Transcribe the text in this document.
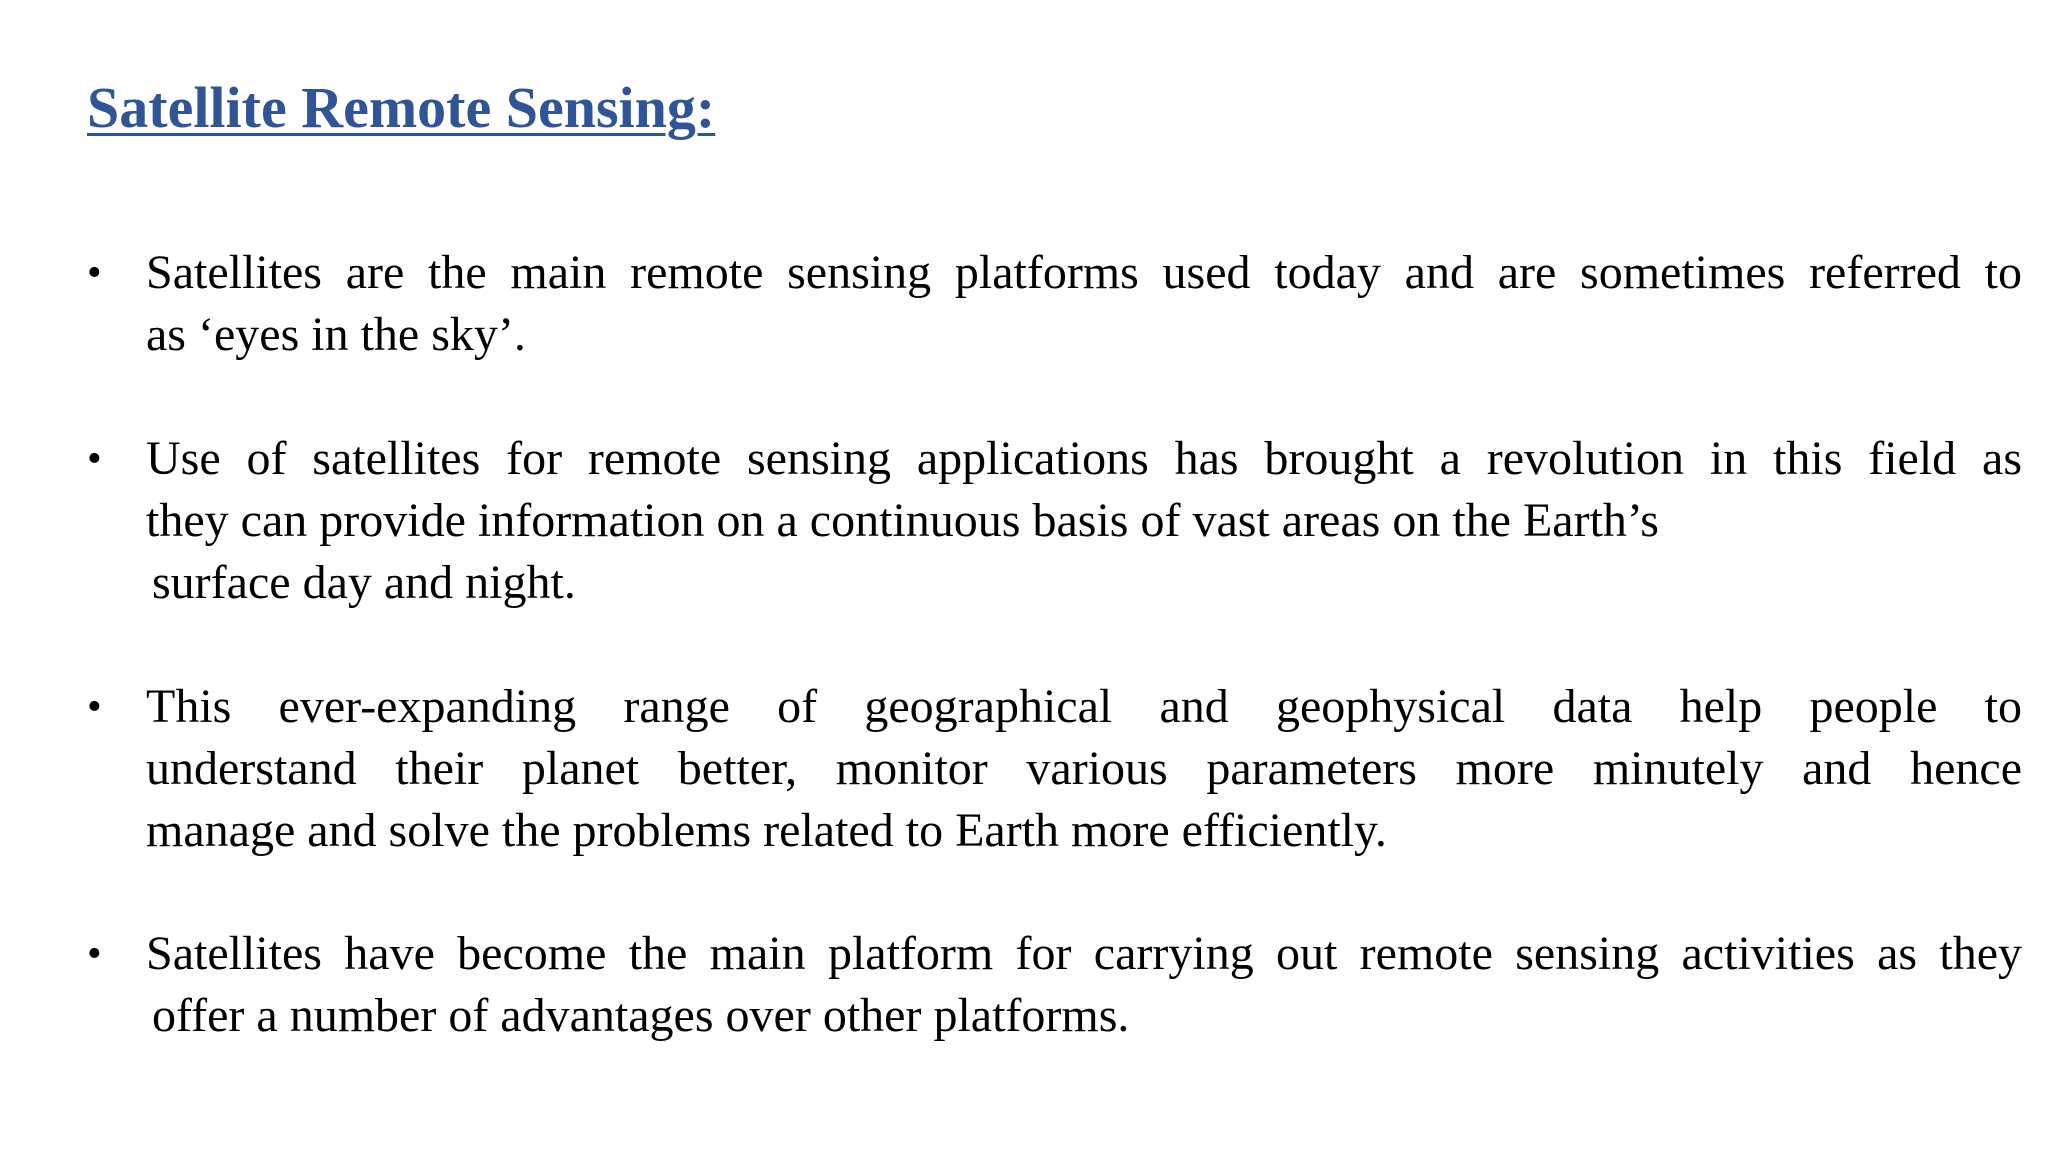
Satellite Remote Sensing:
• Satellites are the main remote sensing platforms used today and are sometimes referred to
as ‘eyes in the sky’.
• Use of satellites for remote sensing applications has brought a revolution in this field as
they can provide information on a continuous basis of vast areas on the Earth’s
surface day and night.
• This ever-expanding range of geographical and geophysical data help people to
understand their planet better, monitor various parameters more minutely and hence
manage and solve the problems related to Earth more efficiently.
• Satellites have become the main platform for carrying out remote sensing activities as they
offer a number of advantages over other platforms.
